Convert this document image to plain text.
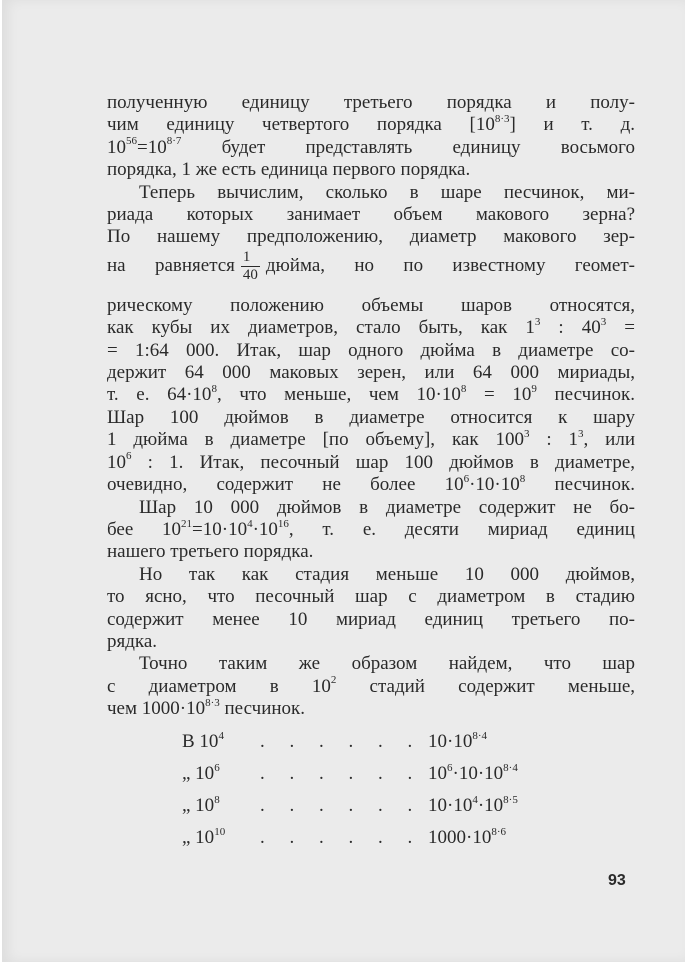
полученную единицу третьего порядка и полу-
чим единицу четвертого порядка $[10^{8\cdot 3}]$ и т. д.
$10^{56}=10^{8\cdot 7}$ будет представлять единицу восьмого
порядка, 1 же есть единица первого порядка.
Теперь вычислим, сколько в шаре песчинок, ми-
риада которых занимает объем макового зерна?
По нашему предположению, диаметр макового зер-
на равняется $\frac{1}{40}$ дюйма, но по известному геомет-
рическому положению объемы шаров относятся,
как кубы их диаметров, стало быть, как $1^3$ : $40^3$ =
= 1:64 000. Итак, шар одного дюйма в диаметре со-
держит 64 000 маковых зерен, или 64 000 мириады,
т. е. $64\cdot 10^8$, что меньше, чем $10\cdot 10^8 = 10^9$ песчинок.
Шар 100 дюймов в диаметре относится к шару
1 дюйма в диаметре [по объему], как $100^3$ : $1^3$, или
$10^6$ : 1. Итак, песочный шар 100 дюймов в диаметре,
очевидно, содержит не более $10^6\cdot 10\cdot 10^8$ песчинок.
Шар 10 000 дюймов в диаметре содержит не бо-
бее $10^{21}=10\cdot 10^4\cdot 10^{16}$, т. е. десяти мириад единиц
нашего третьего порядка.
Но так как стадия меньше 10 000 дюймов,
то ясно, что песочный шар с диаметром в стадию
содержит менее 10 мириад единиц третьего по-
рядка.
Точно таким же образом найдем, что шар
с диаметром в $10^2$ стадий содержит меньше,
чем $1000\cdot 10^{8\cdot 3}$ песчинок.
В $10^4$ . . . . . . $10\cdot 10^{8\cdot 4}$
„ $10^6$ . . . . . . $10^6\cdot 10\cdot 10^{8\cdot 4}$
„ $10^8$ . . . . . . $10\cdot 10^4\cdot 10^{8\cdot 5}$
„ $10^{10}$ . . . . . . $1000\cdot 10^{8\cdot 6}$
93
